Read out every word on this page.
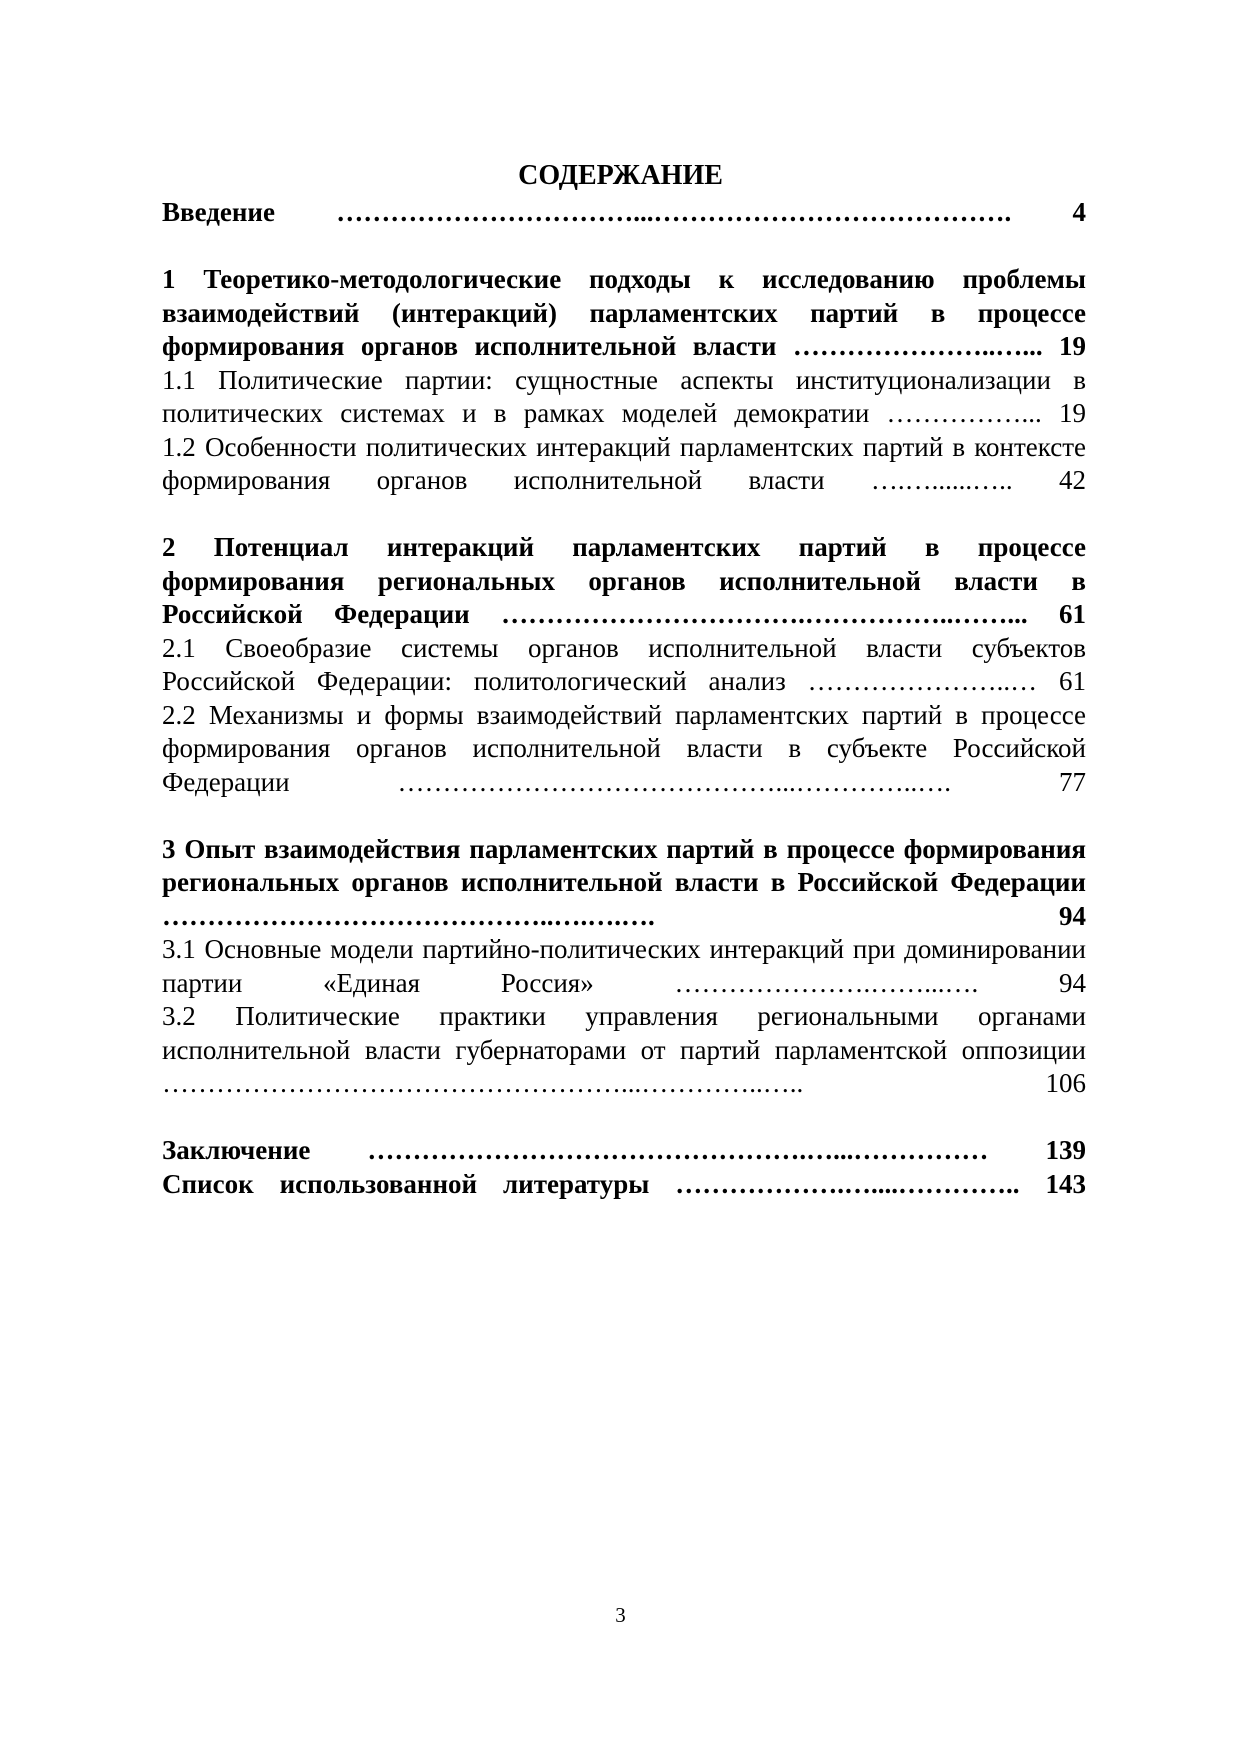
СОДЕРЖАНИЕ

Введение ……………………………...…………………………………. 4

1 Теоретико-методологические подходы к исследованию проблемы взаимодействий (интеракций) парламентских партий в процессе формирования органов исполнительной власти …………………..…... 19

1.1 Политические партии: сущностные аспекты институционализации в политических системах и в рамках моделей демократии ……………... 19

1.2 Особенности политических интеракций парламентских партий в контексте формирования органов исполнительной власти ….…......….. 42

2 Потенциал интеракций парламентских партий в процессе формирования региональных органов исполнительной власти в Российской Федерации …………………………….……………..……... 61

2.1 Своеобразие системы органов исполнительной власти субъектов Российской Федерации: политологический анализ …………………..… 61

2.2 Механизмы и формы взаимодействий парламентских партий в процессе формирования органов исполнительной власти в субъекте Российской Федерации ……………………………………...…………..…. 77

3 Опыт взаимодействия парламентских партий в процессе формирования региональных органов исполнительной власти в Российской Федерации ……………………………………..….….…. 94

3.1 Основные модели партийно-политических интеракций при доминировании партии «Единая Россия» ………………….……...…. 94

3.2 Политические практики управления региональными органами исполнительной власти губернаторами от партий парламентской оппозиции ……………………………………………...…………..….. 106

Заключение ………………………………………….…...…………… 139

Список использованной литературы ……………….…....………….. 143

3
